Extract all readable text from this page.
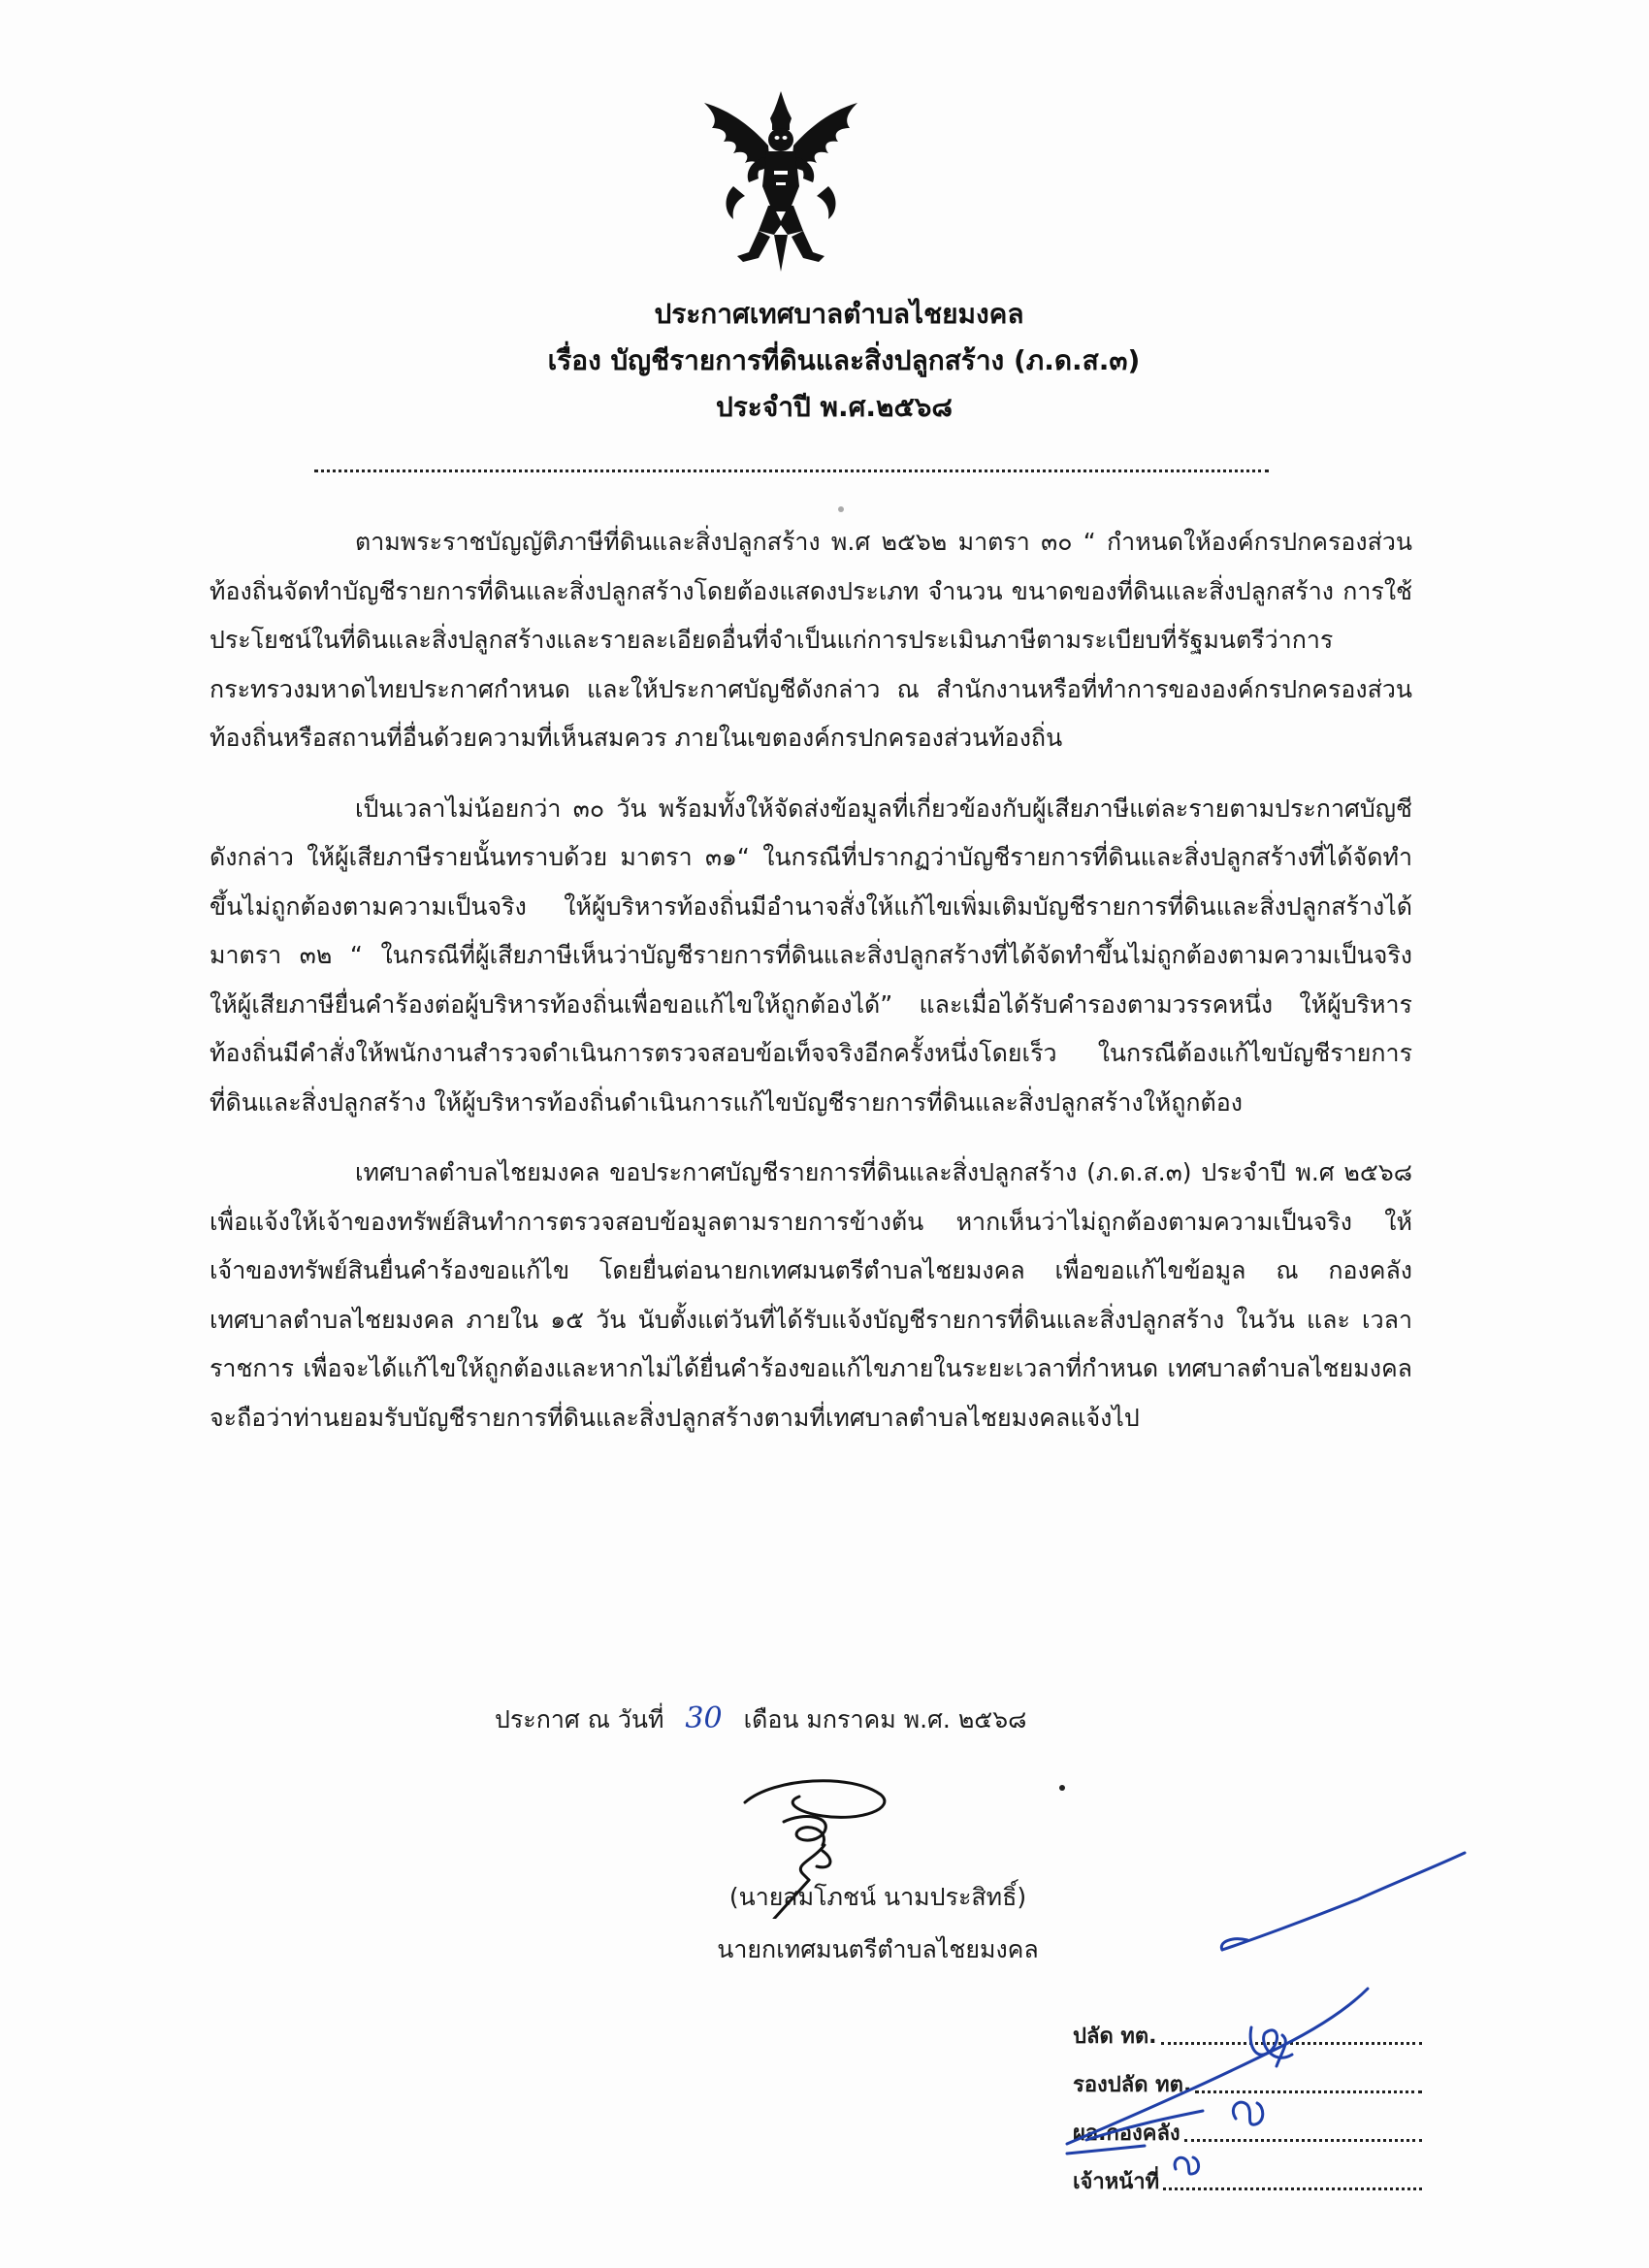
ประกาศเทศบาลตำบลไชยมงคล
เรื่อง บัญชีรายการที่ดินและสิ่งปลูกสร้าง (ภ.ด.ส.๓)
ประจำปี พ.ศ.๒๕๖๘

ตามพระราชบัญญัติภาษีที่ดินและสิ่งปลูกสร้าง พ.ศ ๒๕๖๒ มาตรา ๓๐ “ กำหนดให้องค์กรปกครองส่วนท้องถิ่นจัดทำบัญชีรายการที่ดินและสิ่งปลูกสร้างโดยต้องแสดงประเภท จำนวน ขนาดของที่ดินและสิ่งปลูกสร้าง การใช้ประโยชน์ในที่ดินและสิ่งปลูกสร้างและรายละเอียดอื่นที่จำเป็นแก่การประเมินภาษีตามระเบียบที่รัฐมนตรีว่าการกระทรวงมหาดไทยประกาศกำหนด และให้ประกาศบัญชีดังกล่าว ณ สำนักงานหรือที่ทำการขององค์กรปกครองส่วนท้องถิ่นหรือสถานที่อื่นด้วยความที่เห็นสมควร ภายในเขตองค์กรปกครองส่วนท้องถิ่น

เป็นเวลาไม่น้อยกว่า ๓๐ วัน พร้อมทั้งให้จัดส่งข้อมูลที่เกี่ยวข้องกับผู้เสียภาษีแต่ละรายตามประกาศบัญชีดังกล่าว ให้ผู้เสียภาษีรายนั้นทราบด้วย มาตรา ๓๑“ ในกรณีที่ปรากฏว่าบัญชีรายการที่ดินและสิ่งปลูกสร้างที่ได้จัดทำขึ้นไม่ถูกต้องตามความเป็นจริง ให้ผู้บริหารท้องถิ่นมีอำนาจสั่งให้แก้ไขเพิ่มเติมบัญชีรายการที่ดินและสิ่งปลูกสร้างได้ มาตรา ๓๒ “ ในกรณีที่ผู้เสียภาษีเห็นว่าบัญชีรายการที่ดินและสิ่งปลูกสร้างที่ได้จัดทำขึ้นไม่ถูกต้องตามความเป็นจริง ให้ผู้เสียภาษียื่นคำร้องต่อผู้บริหารท้องถิ่นเพื่อขอแก้ไขให้ถูกต้องได้” และเมื่อได้รับคำรองตามวรรคหนึ่ง ให้ผู้บริหารท้องถิ่นมีคำสั่งให้พนักงานสำรวจดำเนินการตรวจสอบข้อเท็จจริงอีกครั้งหนึ่งโดยเร็ว ในกรณีต้องแก้ไขบัญชีรายการที่ดินและสิ่งปลูกสร้าง ให้ผู้บริหารท้องถิ่นดำเนินการแก้ไขบัญชีรายการที่ดินและสิ่งปลูกสร้างให้ถูกต้อง

เทศบาลตำบลไชยมงคล ขอประกาศบัญชีรายการที่ดินและสิ่งปลูกสร้าง (ภ.ด.ส.๓) ประจำปี พ.ศ ๒๕๖๘ เพื่อแจ้งให้เจ้าของทรัพย์สินทำการตรวจสอบข้อมูลตามรายการข้างต้น หากเห็นว่าไม่ถูกต้องตามความเป็นจริง ให้เจ้าของทรัพย์สินยื่นคำร้องขอแก้ไข โดยยื่นต่อนายกเทศมนตรีตำบลไชยมงคล เพื่อขอแก้ไขข้อมูล ณ กองคลัง เทศบาลตำบลไชยมงคล ภายใน ๑๕ วัน นับตั้งแต่วันที่ได้รับแจ้งบัญชีรายการที่ดินและสิ่งปลูกสร้าง ในวัน และ เวลา ราชการ เพื่อจะได้แก้ไขให้ถูกต้องและหากไม่ได้ยื่นคำร้องขอแก้ไขภายในระยะเวลาที่กำหนด เทศบาลตำบลไชยมงคล จะถือว่าท่านยอมรับบัญชีรายการที่ดินและสิ่งปลูกสร้างตามที่เทศบาลตำบลไชยมงคลแจ้งไป

ประกาศ ณ วันที่ 30 เดือน มกราคม พ.ศ. ๒๕๖๘
(นายสมโภชน์ นามประสิทธิ์)
นายกเทศมนตรีตำบลไชยมงคล
ปลัด ทต.
รองปลัด ทต.
ผอ.กองคลัง
เจ้าหน้าที่
